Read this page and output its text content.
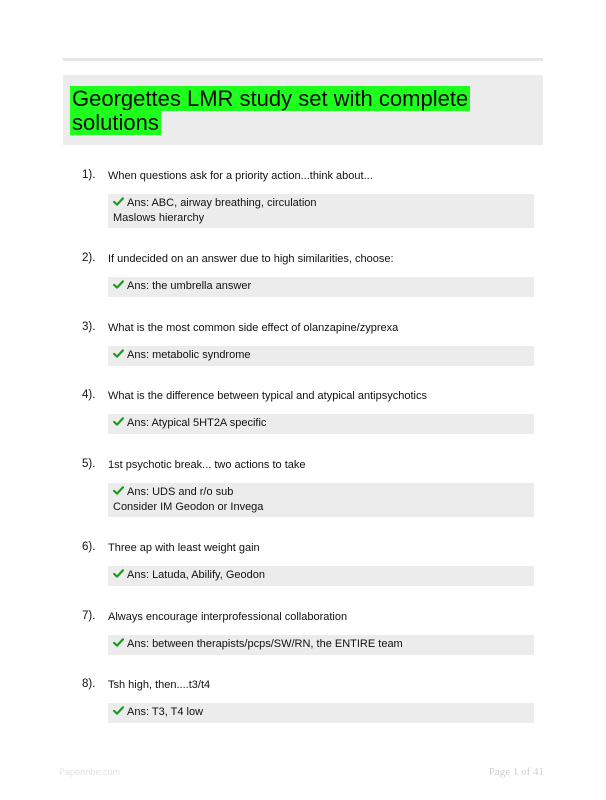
Georgettes LMR study set with complete solutions
1). When questions ask for a priority action...think about...
Ans: ABC, airway breathing, circulation
Maslows hierarchy
2). If undecided on an answer due to high similarities, choose:
Ans: the umbrella answer
3). What is the most common side effect of olanzapine/zyprexa
Ans: metabolic syndrome
4). What is the difference between typical and atypical antipsychotics
Ans: Atypical 5HT2A specific
5). 1st psychotic break... two actions to take
Ans: UDS and r/o sub
Consider IM Geodon or Invega
6). Three ap with least weight gain
Ans: Latuda, Abilify, Geodon
7). Always encourage interprofessional collaboration
Ans: between therapists/pcps/SW/RN, the ENTIRE team
8). Tsh high, then....t3/t4
Ans: T3, T4 low
Papertribe.com	Page 1 of 41
